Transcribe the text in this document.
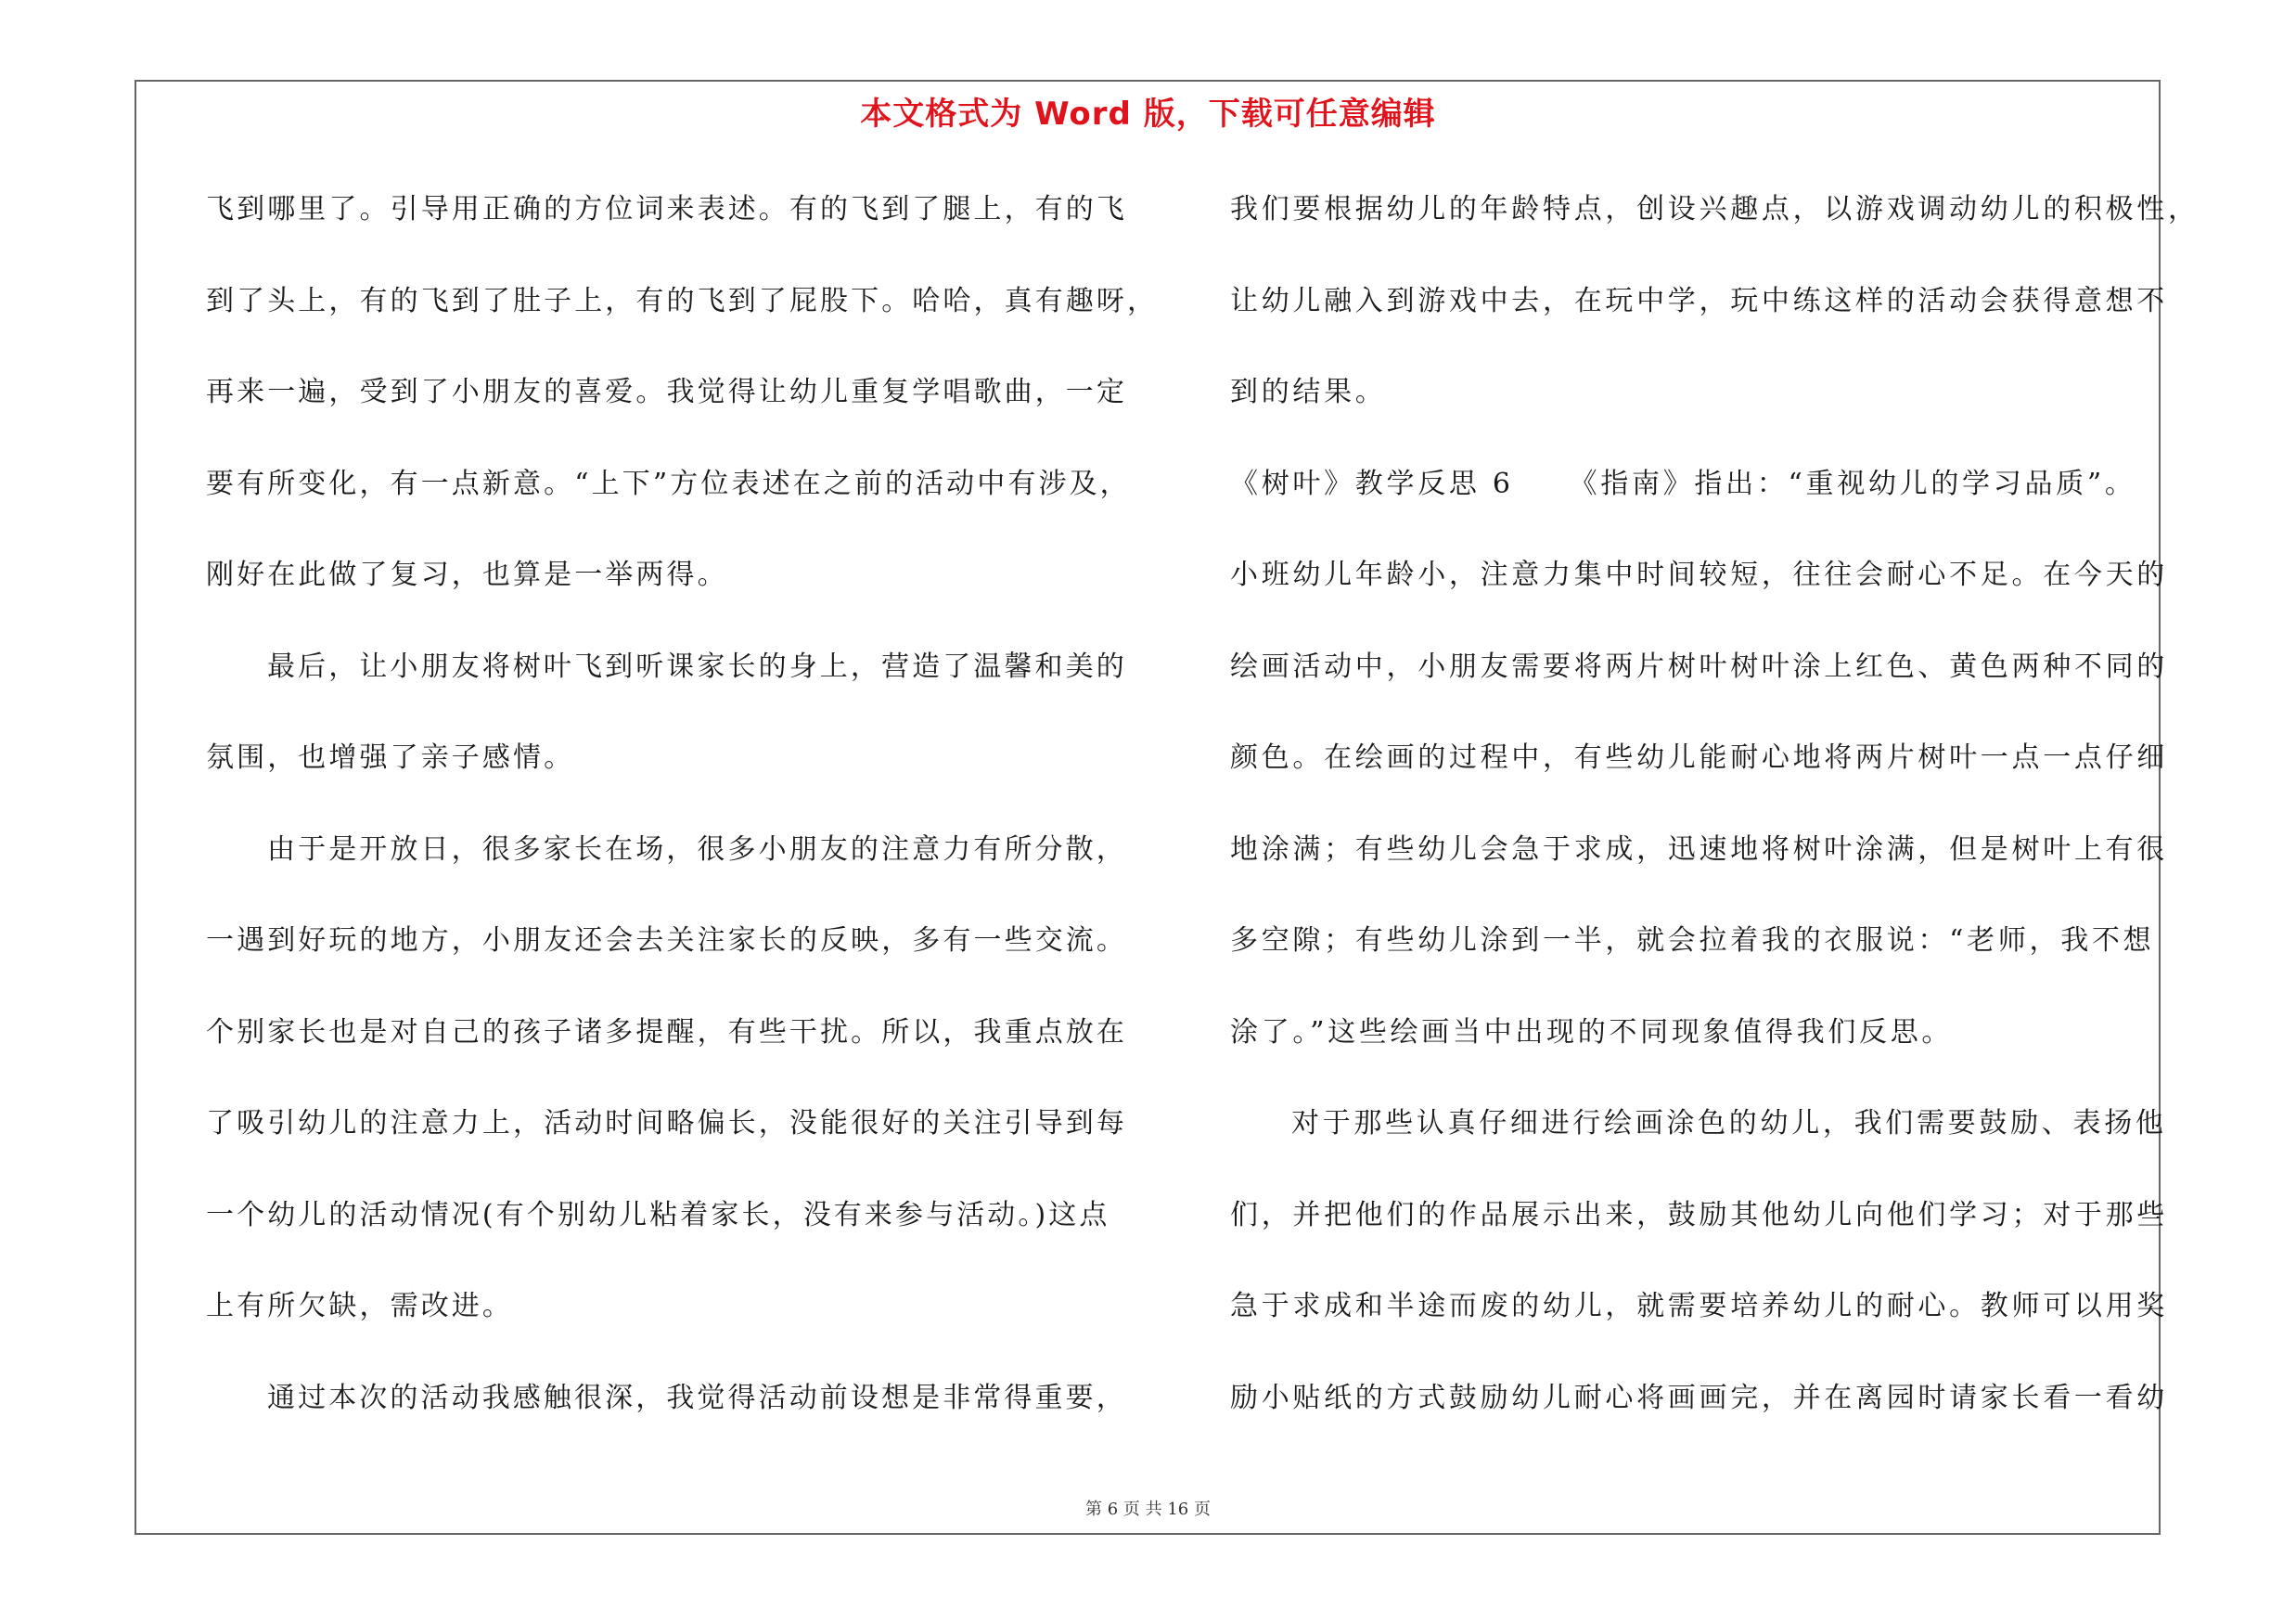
本文格式为 Word 版，下载可任意编辑
飞到哪里了。引导用正确的方位词来表述。有的飞到了腿上，有的飞
到了头上，有的飞到了肚子上，有的飞到了屁股下。哈哈，真有趣呀，
再来一遍，受到了小朋友的喜爱。我觉得让幼儿重复学唱歌曲，一定
要有所变化，有一点新意。“上下”方位表述在之前的活动中有涉及，
刚好在此做了复习，也算是一举两得。
最后，让小朋友将树叶飞到听课家长的身上，营造了温馨和美的
氛围，也增强了亲子感情。
由于是开放日，很多家长在场，很多小朋友的注意力有所分散，
一遇到好玩的地方，小朋友还会去关注家长的反映，多有一些交流。
个别家长也是对自己的孩子诸多提醒，有些干扰。所以，我重点放在
了吸引幼儿的注意力上，活动时间略偏长，没能很好的关注引导到每
一个幼儿的活动情况(有个别幼儿粘着家长，没有来参与活动。)这点
上有所欠缺，需改进。
通过本次的活动我感触很深，我觉得活动前设想是非常得重要，
我们要根据幼儿的年龄特点，创设兴趣点，以游戏调动幼儿的积极性，
让幼儿融入到游戏中去，在玩中学，玩中练这样的活动会获得意想不
到的结果。
《树叶》教学反思 6 《指南》指出：“重视幼儿的学习品质”。
小班幼儿年龄小，注意力集中时间较短，往往会耐心不足。在今天的
绘画活动中，小朋友需要将两片树叶树叶涂上红色、黄色两种不同的
颜色。在绘画的过程中，有些幼儿能耐心地将两片树叶一点一点仔细
地涂满；有些幼儿会急于求成，迅速地将树叶涂满，但是树叶上有很
多空隙；有些幼儿涂到一半，就会拉着我的衣服说：“老师，我不想
涂了。”这些绘画当中出现的不同现象值得我们反思。
对于那些认真仔细进行绘画涂色的幼儿，我们需要鼓励、表扬他
们，并把他们的作品展示出来，鼓励其他幼儿向他们学习；对于那些
急于求成和半途而废的幼儿，就需要培养幼儿的耐心。教师可以用奖
励小贴纸的方式鼓励幼儿耐心将画画完，并在离园时请家长看一看幼
第 6 页 共 16 页
